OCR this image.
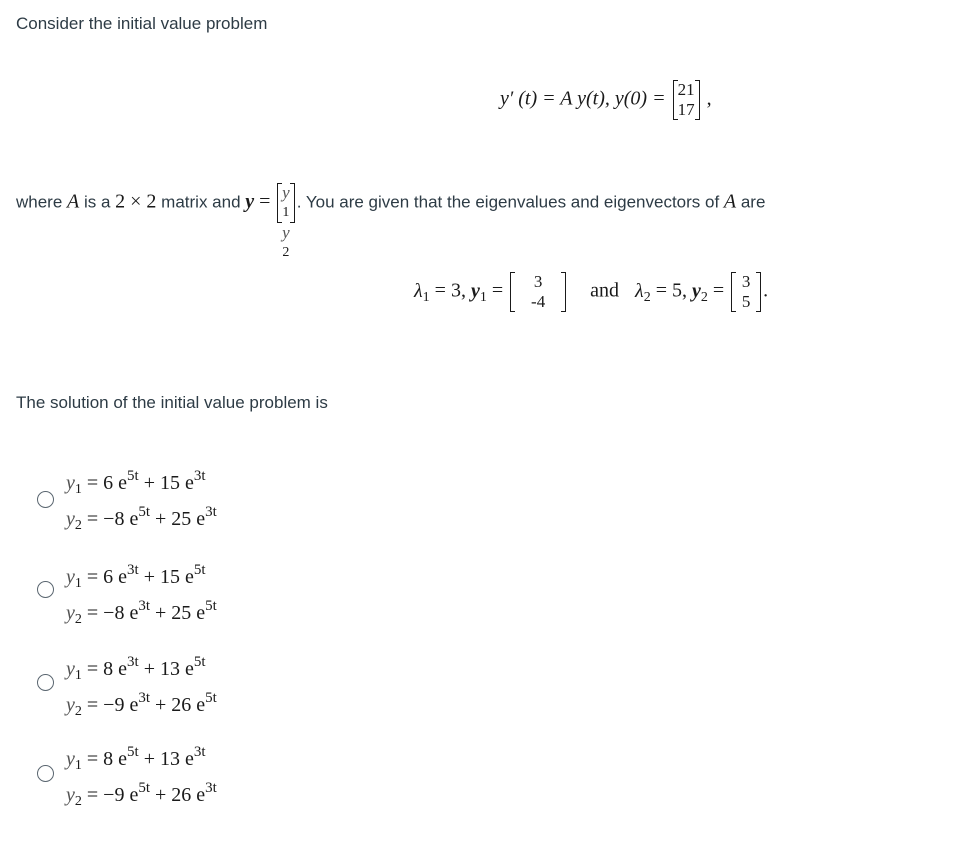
Consider the initial value problem
y′ (t) = A y(t), y(0) = 21
17 ,
where A is a 2 × 2 matrix and y = y
1
y
2
. You are given that the eigenvalues and eigenvectors of A are
$\lambda_1 = 3$, $y_1$ =	3
-4	and $\lambda_2 = 5$, $y_2$ =	3
5 .
The solution of the initial value problem is
$y_1 = 6$ $e^{5t} + 15$ $e^{3t}$
$y_2 = -8$ $e^{5t} + 25$ $e^{3t}$
$y_1 = 6$ $e^{3t} + 15$ $e^{5t}$
$y_2 = -8$ $e^{3t} + 25$ $e^{5t}$
$y_1 = 8$ $e^{3t} + 13$ $e^{5t}$
$y_2 = -9$ $e^{3t} + 26$ $e^{5t}$
$y_1 = 8$ $e^{5t} + 13$ $e^{3t}$
$y_2 = -9$ $e^{5t} + 26$ $e^{3t}$
